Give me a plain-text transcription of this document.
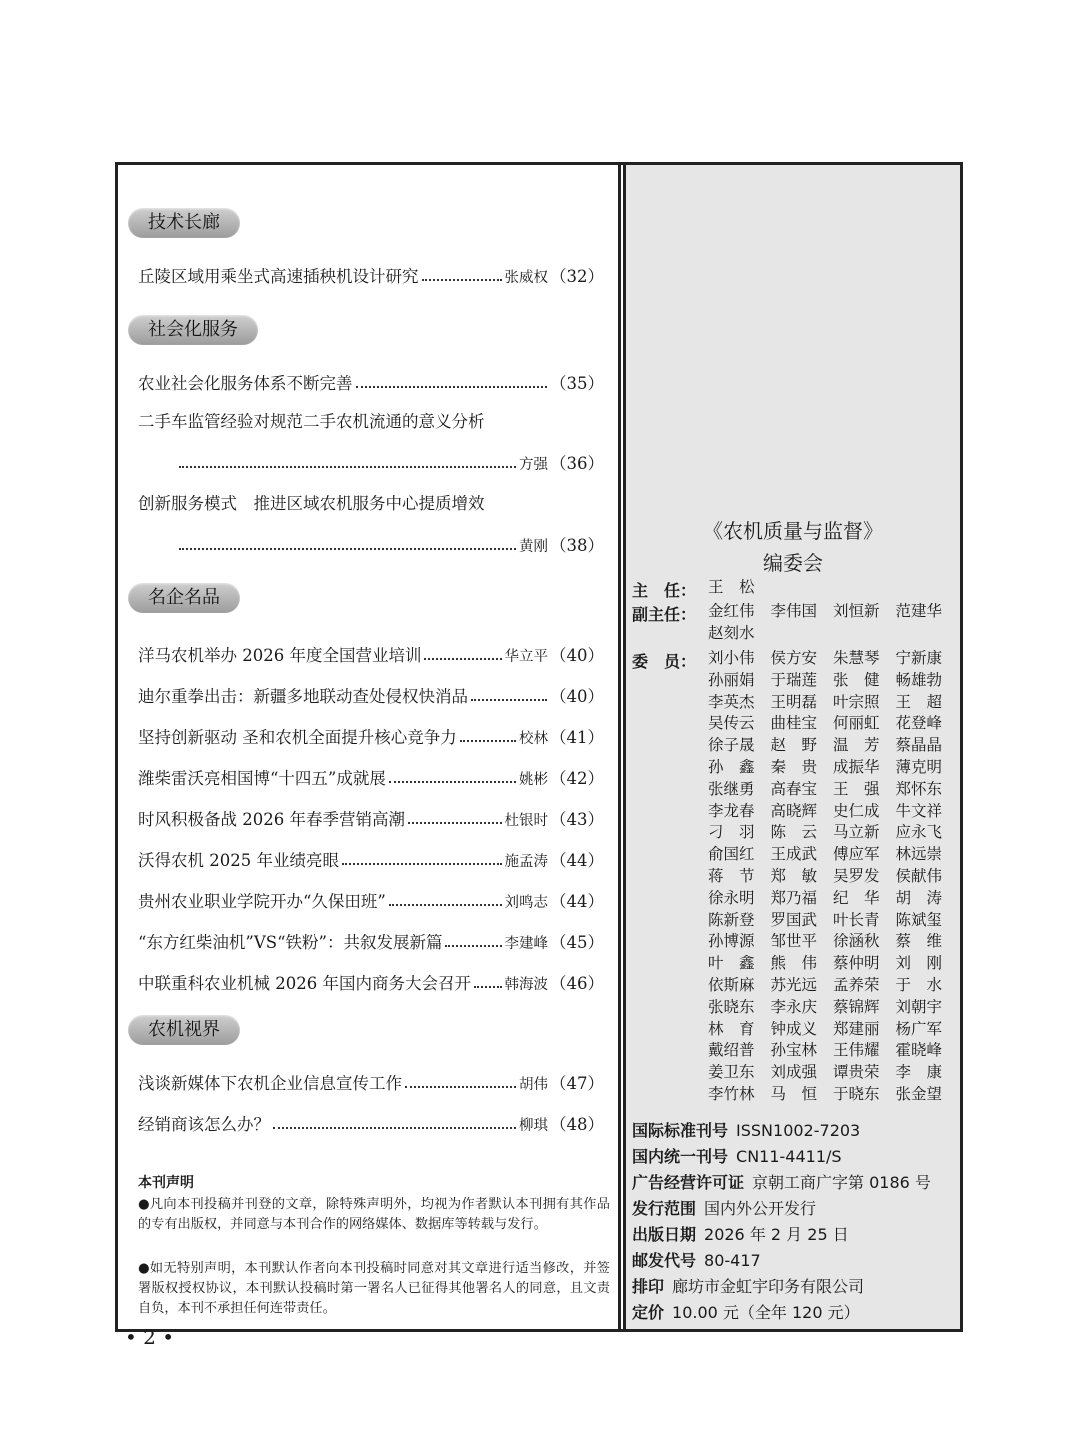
技术长廊
丘陵区域用乘坐式高速插秧机设计研究	张威权 （32）
社会化服务
农业社会化服务体系不断完善	（35）
二手车监管经验对规范二手农机流通的意义分析
方强 （36）
创新服务模式　推进区域农机服务中心提质增效
黄刚 （38）
名企名品
洋马农机举办 2026 年度全国营业培训	华立平 （40）
迪尔重拳出击：新疆多地联动查处侵权快消品	（40）
坚持创新驱动 圣和农机全面提升核心竞争力	校林 （41）
潍柴雷沃亮相国博“十四五”成就展	姚彬 （42）
时风积极备战 2026 年春季营销高潮	杜银时 （43）
沃得农机 2025 年业绩亮眼	施孟涛 （44）
贵州农业职业学院开办“久保田班”	刘鸣志 （44）
“东方红柴油机”VS“铁粉”：共叙发展新篇	李建峰 （45）
中联重科农业机械 2026 年国内商务大会召开 韩海波 （46）
农机视界
浅谈新媒体下农机企业信息宣传工作	胡伟 （47）
经销商该怎么办？	柳琪 （48）
本刊声明
●凡向本刊投稿并刊登的文章，除特殊声明外，均视为作者默认本刊拥有其作品的专有出版权，并同意与本刊合作的网络媒体、数据库等转载与发行。
●如无特别声明，本刊默认作者向本刊投稿时同意对其文章进行适当修改，并签署版权授权协议，本刊默认投稿时第一署名人已征得其他署名人的同意，且文责自负，本刊不承担任何连带责任。
《农机质量与监督》
编委会
主　任： 王　松
副主任： 金红伟	李伟国	刘恒新	范建华
赵刻水
委　员： 刘小伟	侯方安	朱慧琴	宁新康
孙丽娟	于瑞莲	张　健	畅雄勃
李英杰	王明磊	叶宗照	王　超
吴传云	曲桂宝	何丽虹	花登峰
徐子晟	赵　野	温　芳	蔡晶晶
孙　鑫	秦　贵	成振华	薄克明
张继勇	高春宝	王　强	郑怀东
李龙春	高晓辉	史仁成	牛文祥
刁　羽	陈　云	马立新	应永飞
俞国红	王成武	傅应军	林远崇
蒋　节	郑　敏	吴罗发	侯献伟
徐永明	郑乃福	纪　华	胡　涛
陈新登	罗国武	叶长青	陈斌玺
孙博源	邹世平	徐涵秋	蔡　维
叶　鑫	熊　伟	蔡仲明	刘　刚
依斯麻	苏光远	孟养荣	于　水
张晓东	李永庆	蔡锦辉	刘朝宇
林　育	钟成义	郑建丽	杨广军
戴绍普	孙宝林	王伟耀	霍晓峰
姜卫东	刘成强	谭贵荣	李　康
李竹林	马　恒	于晓东	张金望
国际标准刊号 ISSN1002-7203
国内统一刊号 CN11-4411/S
广告经营许可证 京朝工商广字第 0186 号
发行范围 国内外公开发行
出版日期 2026 年 2 月 25 日
邮发代号 80-417
排印 廊坊市金虹宇印务有限公司
定价 10.00 元（全年 120 元）
• 2 •
